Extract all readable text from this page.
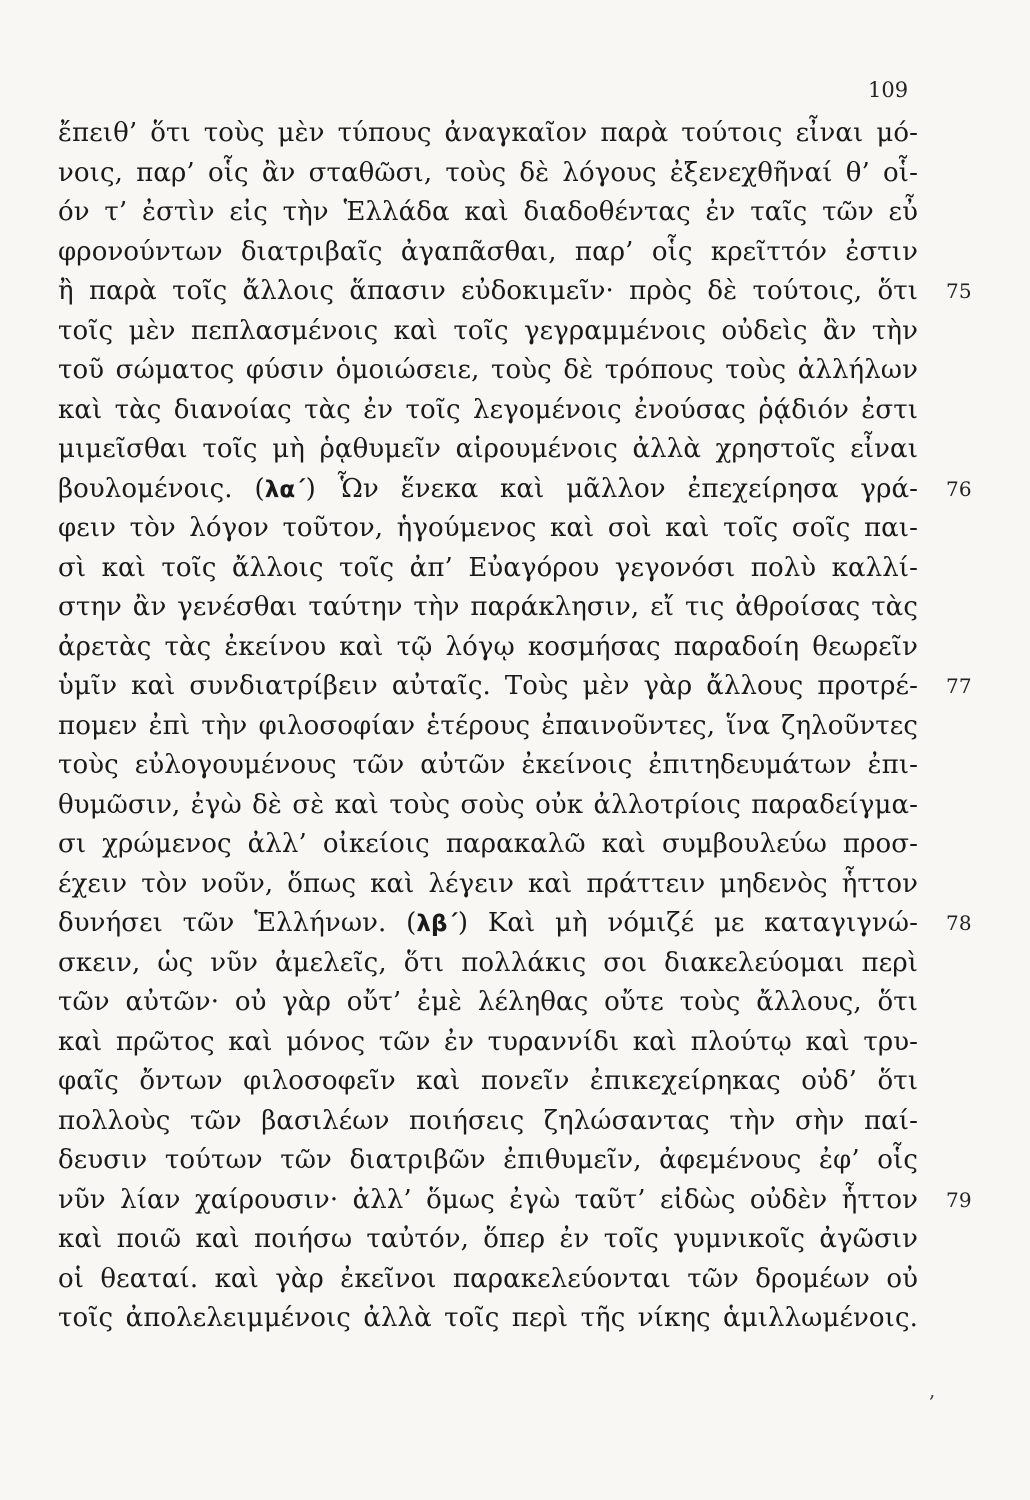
109
ἔπειθ’ ὅτι τοὺς μὲν τύπους ἀναγκαῖον παρὰ τούτοις εἶναι μό-
νοις, παρ’ οἷς ἂν σταθῶσι, τοὺς δὲ λόγους ἐξενεχθῆναί θ’ οἷ-
όν τ’ ἐστὶν εἰς τὴν Ἑλλάδα καὶ διαδοθέντας ἐν ταῖς τῶν εὖ
φρονούντων διατριβαῖς ἀγαπᾶσθαι, παρ’ οἷς κρεῖττόν ἐστιν
ἢ παρὰ τοῖς ἄλλοις ἅπασιν εὐδοκιμεῖν· πρὸς δὲ τούτοις, ὅτι 75
τοῖς μὲν πεπλασμένοις καὶ τοῖς γεγραμμένοις οὐδεὶς ἂν τὴν
τοῦ σώματος φύσιν ὁμοιώσειε, τοὺς δὲ τρόπους τοὺς ἀλλήλων
καὶ τὰς διανοίας τὰς ἐν τοῖς λεγομένοις ἐνούσας ῥᾴδιόν ἐστι
μιμεῖσθαι τοῖς μὴ ῥᾳθυμεῖν αἱρουμένοις ἀλλὰ χρηστοῖς εἶναι
βουλομένοις. (λα΄) Ὧν ἕνεκα καὶ μᾶλλον ἐπεχείρησα γρά- 76
φειν τὸν λόγον τοῦτον, ἡγούμενος καὶ σοὶ καὶ τοῖς σοῖς παι-
σὶ καὶ τοῖς ἄλλοις τοῖς ἀπ’ Εὐαγόρου γεγονόσι πολὺ καλλί-
στην ἂν γενέσθαι ταύτην τὴν παράκλησιν, εἴ τις ἀθροίσας τὰς
ἀρετὰς τὰς ἐκείνου καὶ τῷ λόγῳ κοσμήσας παραδοίη θεωρεῖν
ὑμῖν καὶ συνδιατρίβειν αὐταῖς. Τοὺς μὲν γὰρ ἄλλους προτρέ- 77
πομεν ἐπὶ τὴν φιλοσοφίαν ἑτέρους ἐπαινοῦντες, ἵνα ζηλοῦντες
τοὺς εὐλογουμένους τῶν αὐτῶν ἐκείνοις ἐπιτηδευμάτων ἐπι-
θυμῶσιν, ἐγὼ δὲ σὲ καὶ τοὺς σοὺς οὐκ ἀλλοτρίοις παραδείγμα-
σι χρώμενος ἀλλ’ οἰκείοις παρακαλῶ καὶ συμβουλεύω προσ-
έχειν τὸν νοῦν, ὅπως καὶ λέγειν καὶ πράττειν μηδενὸς ἧττον
δυνήσει τῶν Ἑλλήνων. (λβ΄) Καὶ μὴ νόμιζέ με καταγιγνώ- 78
σκειν, ὡς νῦν ἀμελεῖς, ὅτι πολλάκις σοι διακελεύομαι περὶ
τῶν αὐτῶν· οὐ γὰρ οὔτ’ ἐμὲ λέληθας οὔτε τοὺς ἄλλους, ὅτι
καὶ πρῶτος καὶ μόνος τῶν ἐν τυραννίδι καὶ πλούτῳ καὶ τρυ-
φαῖς ὄντων φιλοσοφεῖν καὶ πονεῖν ἐπικεχείρηκας οὐδ’ ὅτι
πολλοὺς τῶν βασιλέων ποιήσεις ζηλώσαντας τὴν σὴν παί-
δευσιν τούτων τῶν διατριβῶν ἐπιθυμεῖν, ἀφεμένους ἐφ’ οἷς
νῦν λίαν χαίρουσιν· ἀλλ’ ὅμως ἐγὼ ταῦτ’ εἰδὼς οὐδὲν ἧττον 79
καὶ ποιῶ καὶ ποιήσω ταὐτόν, ὅπερ ἐν τοῖς γυμνικοῖς ἀγῶσιν
οἱ θεαταί. καὶ γὰρ ἐκεῖνοι παρακελεύονται τῶν δρομέων οὐ
τοῖς ἀπολελειμμένοις ἀλλὰ τοῖς περὶ τῆς νίκης ἁμιλλωμένοις.
,
